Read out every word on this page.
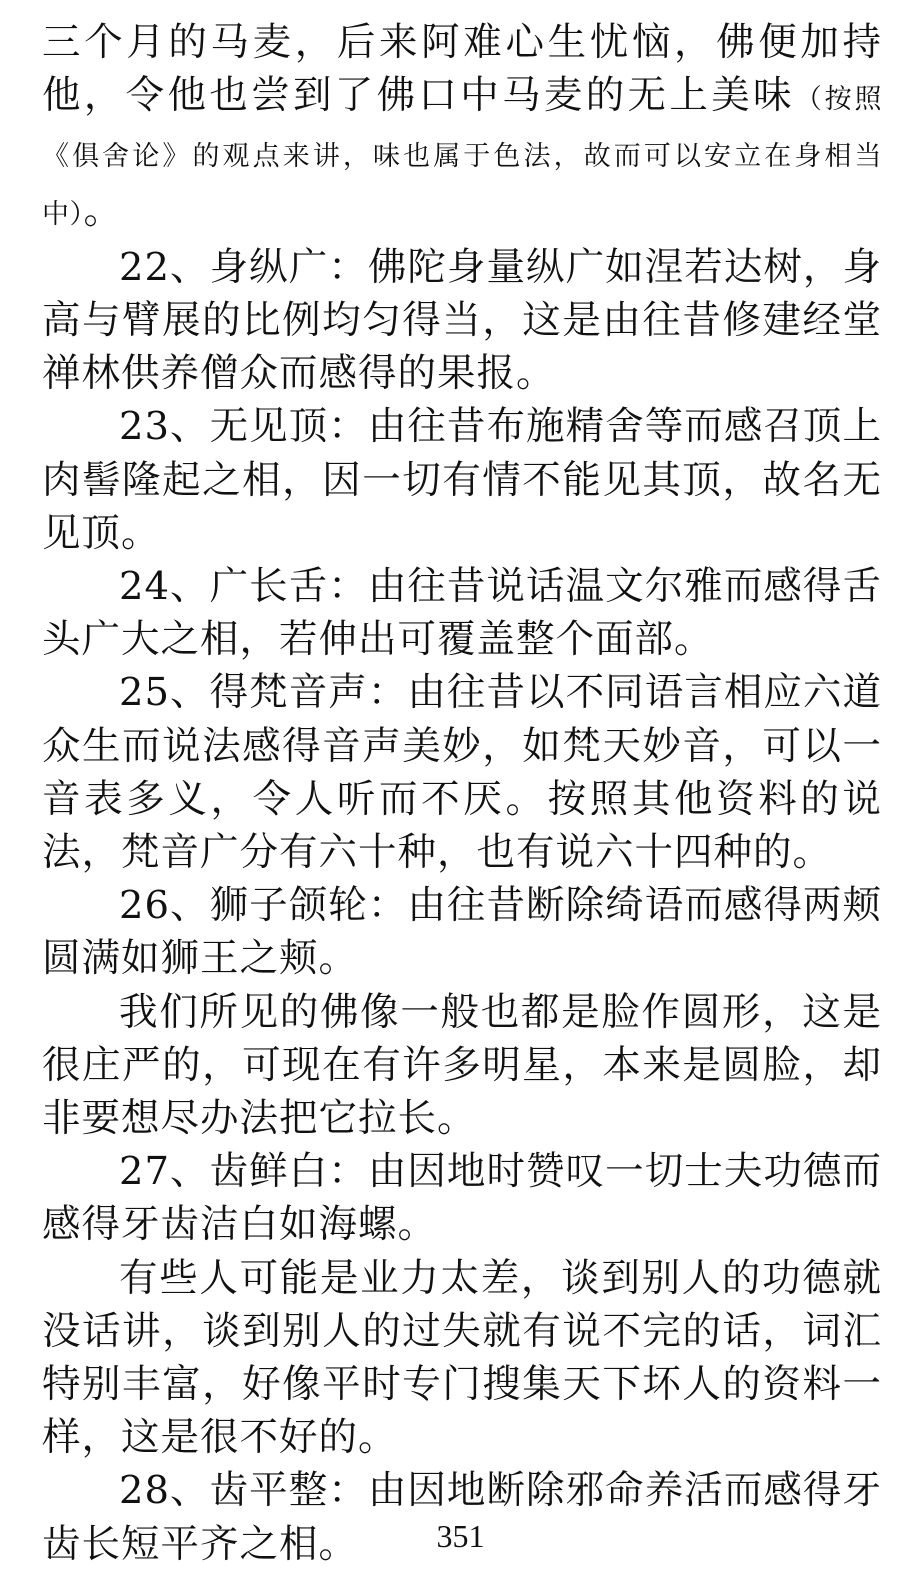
三个月的马麦，后来阿难心生忧恼，佛便加持他，令他也尝到了佛口中马麦的无上美味（按照《俱舍论》的观点来讲，味也属于色法，故而可以安立在身相当中）。

22、身纵广：佛陀身量纵广如涅若达树，身高与臂展的比例均匀得当，这是由往昔修建经堂禅林供养僧众而感得的果报。

23、无见顶：由往昔布施精舍等而感召顶上肉髻隆起之相，因一切有情不能见其顶，故名无见顶。

24、广长舌：由往昔说话温文尔雅而感得舌头广大之相，若伸出可覆盖整个面部。

25、得梵音声：由往昔以不同语言相应六道众生而说法感得音声美妙，如梵天妙音，可以一音表多义，令人听而不厌。按照其他资料的说法，梵音广分有六十种，也有说六十四种的。

26、狮子颌轮：由往昔断除绮语而感得两颊圆满如狮王之颊。

我们所见的佛像一般也都是脸作圆形，这是很庄严的，可现在有许多明星，本来是圆脸，却非要想尽办法把它拉长。

27、齿鲜白：由因地时赞叹一切士夫功德而感得牙齿洁白如海螺。

有些人可能是业力太差，谈到别人的功德就没话讲，谈到别人的过失就有说不完的话，词汇特别丰富，好像平时专门搜集天下坏人的资料一样，这是很不好的。

28、齿平整：由因地断除邪命养活而感得牙齿长短平齐之相。	351
